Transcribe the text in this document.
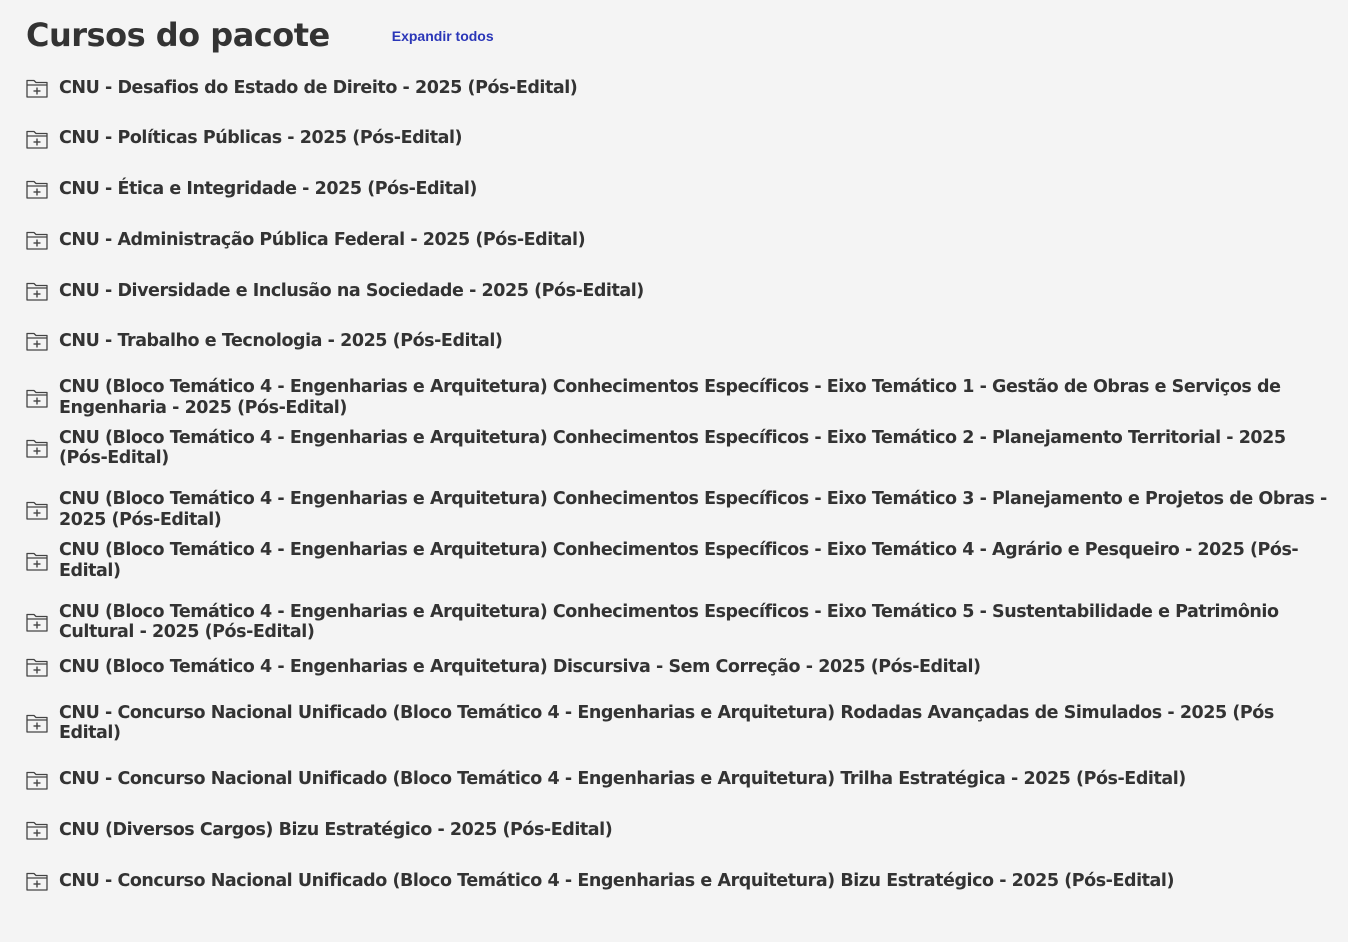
Cursos do pacote	Expandir todos
CNU - Desafios do Estado de Direito - 2025 (Pós-Edital)
CNU - Políticas Públicas - 2025 (Pós-Edital)
CNU - Ética e Integridade - 2025 (Pós-Edital)
CNU - Administração Pública Federal - 2025 (Pós-Edital)
CNU - Diversidade e Inclusão na Sociedade - 2025 (Pós-Edital)
CNU - Trabalho e Tecnologia - 2025 (Pós-Edital)
CNU (Bloco Temático 4 - Engenharias e Arquitetura) Conhecimentos Específicos - Eixo Temático 1 - Gestão de Obras e Serviços de Engenharia - 2025 (Pós-Edital)
CNU (Bloco Temático 4 - Engenharias e Arquitetura) Conhecimentos Específicos - Eixo Temático 2 - Planejamento Territorial - 2025 (Pós-Edital)
CNU (Bloco Temático 4 - Engenharias e Arquitetura) Conhecimentos Específicos - Eixo Temático 3 - Planejamento e Projetos de Obras - 2025 (Pós-Edital)
CNU (Bloco Temático 4 - Engenharias e Arquitetura) Conhecimentos Específicos - Eixo Temático 4 - Agrário e Pesqueiro - 2025 (Pós-Edital)
CNU (Bloco Temático 4 - Engenharias e Arquitetura) Conhecimentos Específicos - Eixo Temático 5 - Sustentabilidade e Patrimônio Cultural - 2025 (Pós-Edital)
CNU (Bloco Temático 4 - Engenharias e Arquitetura) Discursiva - Sem Correção - 2025 (Pós-Edital)
CNU - Concurso Nacional Unificado (Bloco Temático 4 - Engenharias e Arquitetura) Rodadas Avançadas de Simulados - 2025 (Pós Edital)
CNU - Concurso Nacional Unificado (Bloco Temático 4 - Engenharias e Arquitetura) Trilha Estratégica - 2025 (Pós-Edital)
CNU (Diversos Cargos) Bizu Estratégico - 2025 (Pós-Edital)
CNU - Concurso Nacional Unificado (Bloco Temático 4 - Engenharias e Arquitetura) Bizu Estratégico - 2025 (Pós-Edital)
